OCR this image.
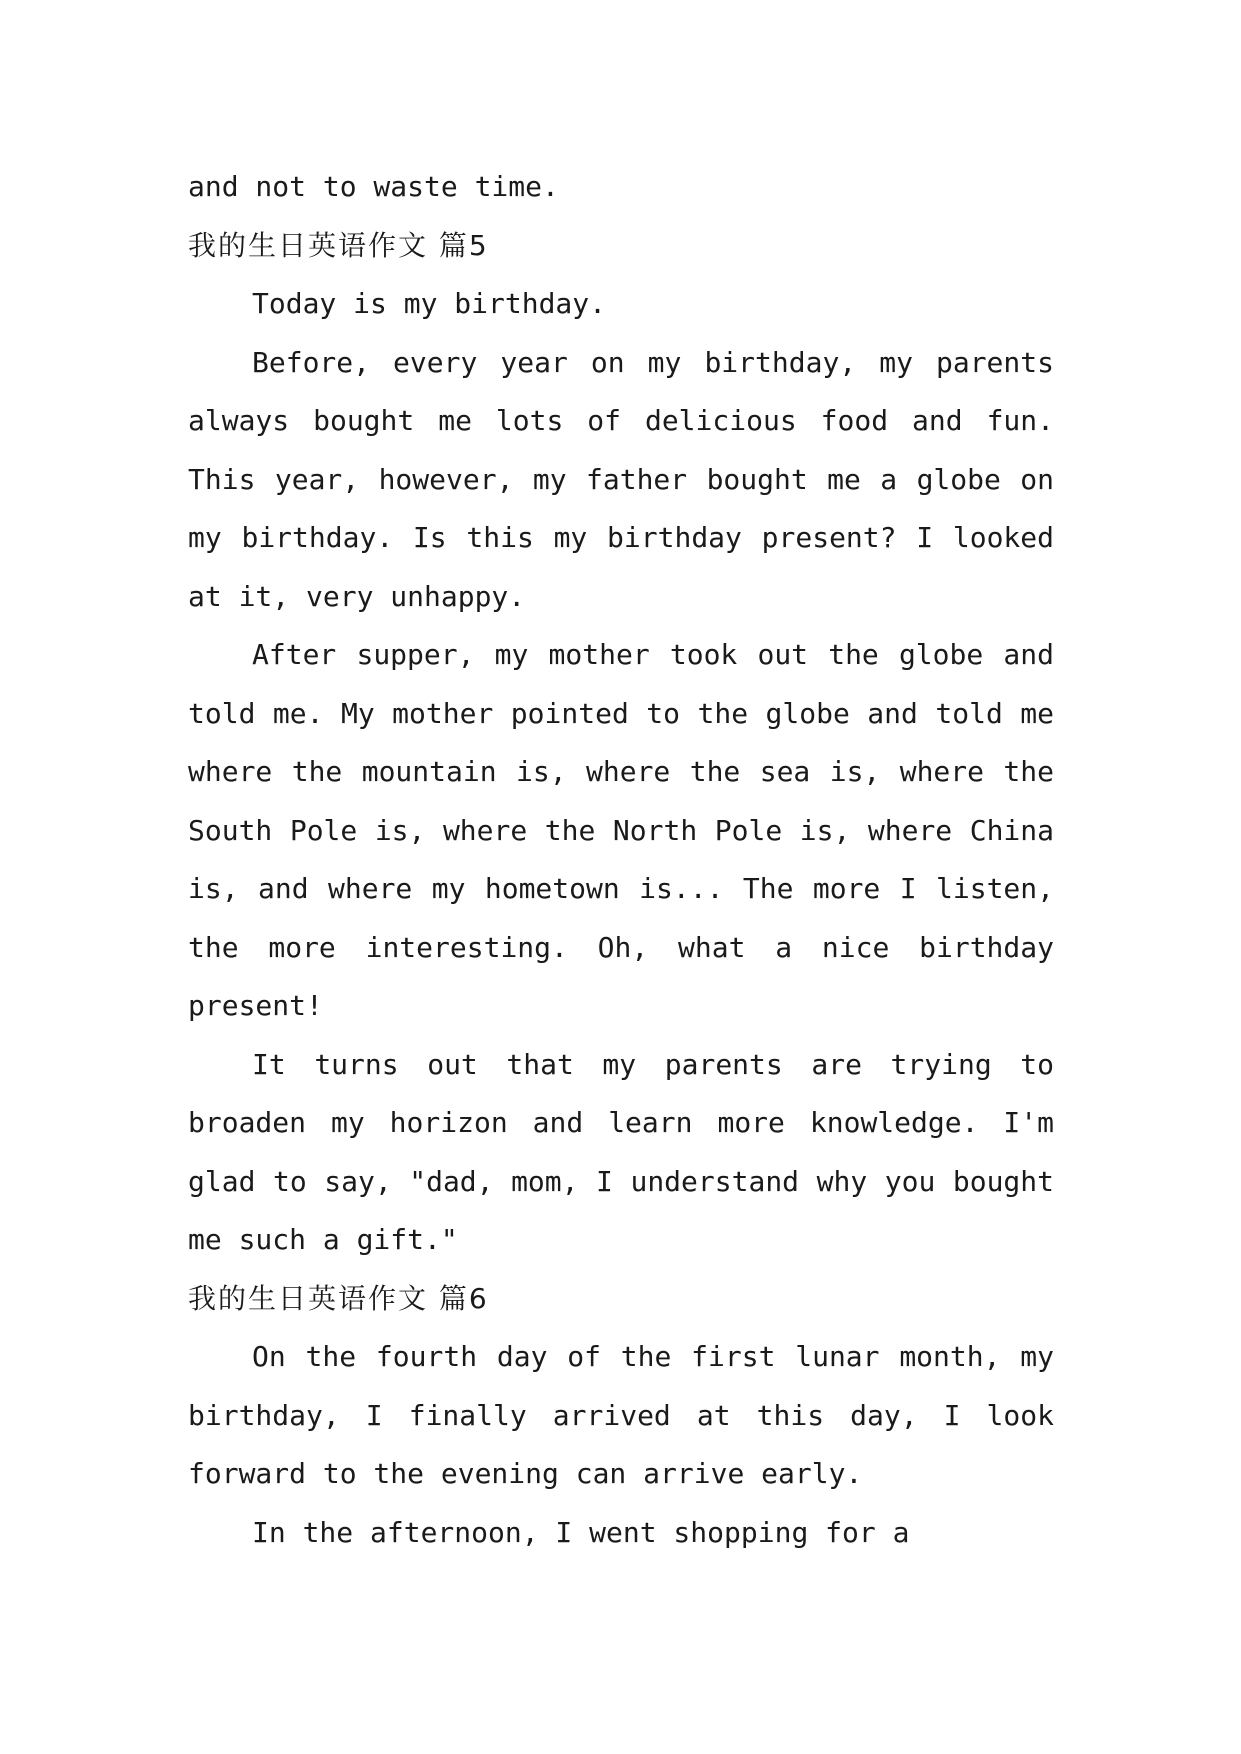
and not to waste time.

我的生日英语作文 篇5

Today is my birthday.

Before, every year on my birthday, my parents always bought me lots of delicious food and fun. This year, however, my father bought me a globe on my birthday. Is this my birthday present? I looked at it, very unhappy.

After supper, my mother took out the globe and told me. My mother pointed to the globe and told me where the mountain is, where the sea is, where the South Pole is, where the North Pole is, where China is, and where my hometown is... The more I listen, the more interesting. Oh, what a nice birthday present!

It turns out that my parents are trying to broaden my horizon and learn more knowledge. I'm glad to say, "dad, mom, I understand why you bought me such a gift."

我的生日英语作文 篇6

On the fourth day of the first lunar month, my birthday, I finally arrived at this day, I look forward to the evening can arrive early.

In the afternoon, I went shopping for a
